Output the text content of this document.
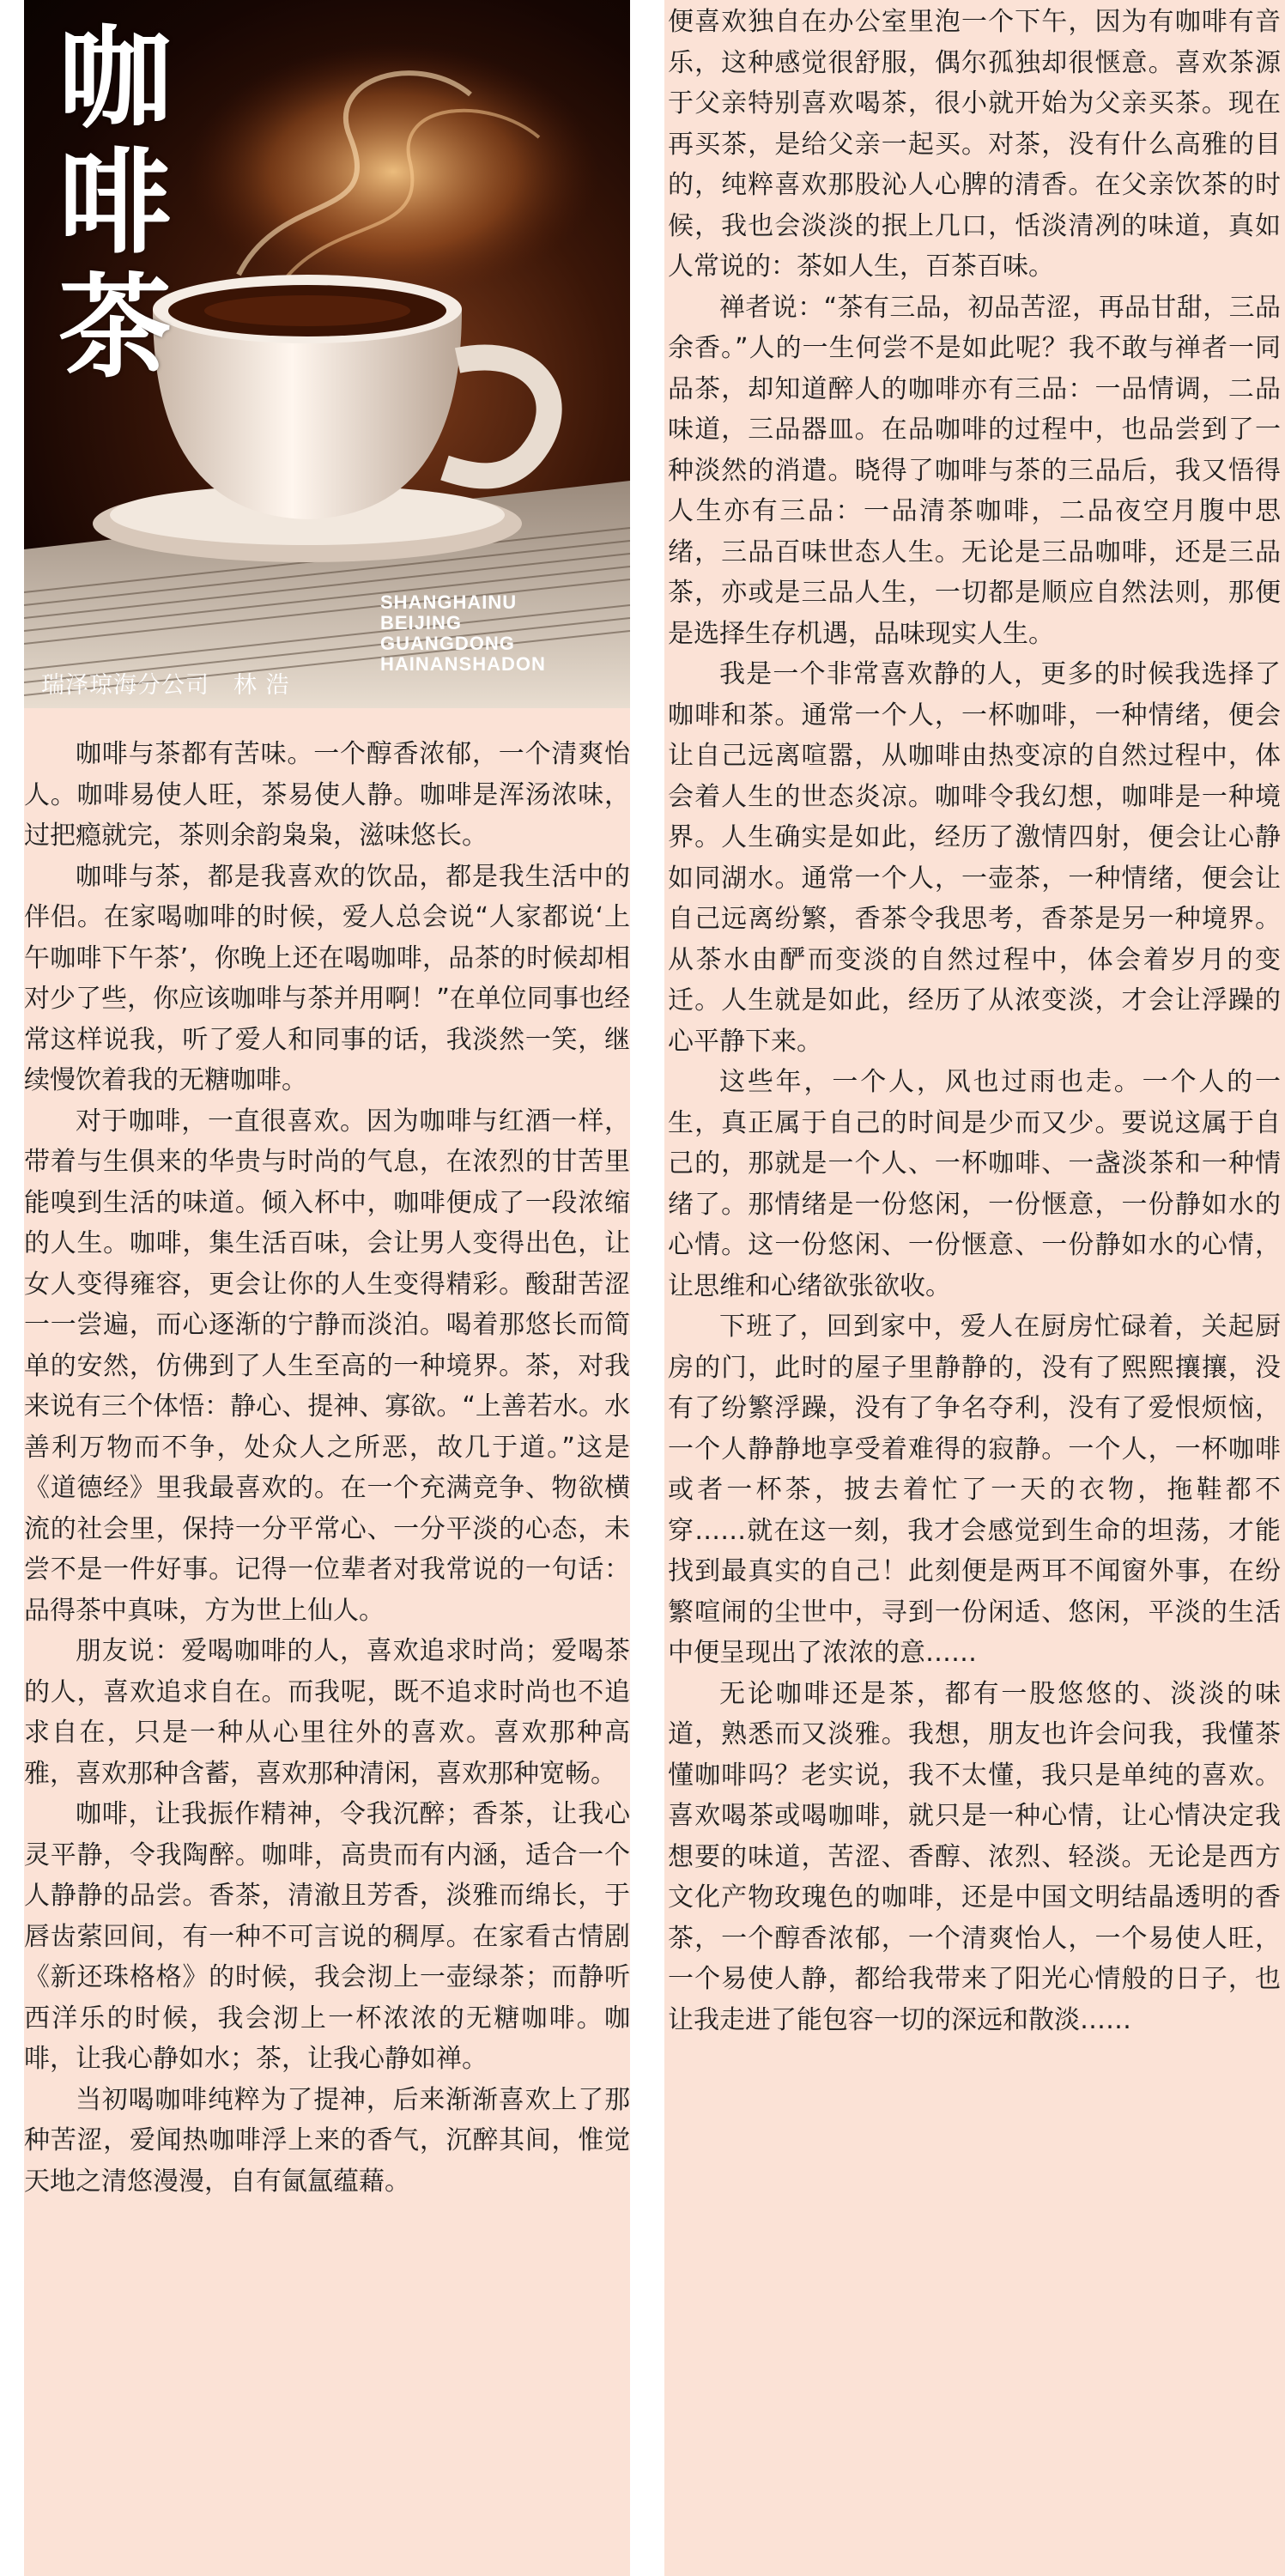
咖
啡
茶
SHANGHAINU
BEIJING
GUANGDONG
HAINANSHADON
瑞泽琼海分公司　林 浩

咖啡与茶都有苦味。一个醇香浓郁，一个清爽怡人。咖啡易使人旺，茶易使人静。咖啡是浑汤浓味，过把瘾就完，茶则余韵枭枭，滋味悠长。

咖啡与茶，都是我喜欢的饮品，都是我生活中的伴侣。在家喝咖啡的时候，爱人总会说“人家都说‘上午咖啡下午茶’，你晚上还在喝咖啡，品茶的时候却相对少了些，你应该咖啡与茶并用啊！”在单位同事也经常这样说我，听了爱人和同事的话，我淡然一笑，继续慢饮着我的无糖咖啡。

对于咖啡，一直很喜欢。因为咖啡与红酒一样，带着与生俱来的华贵与时尚的气息，在浓烈的甘苦里能嗅到生活的味道。倾入杯中，咖啡便成了一段浓缩的人生。咖啡，集生活百味，会让男人变得出色，让女人变得雍容，更会让你的人生变得精彩。酸甜苦涩一一尝遍，而心逐渐的宁静而淡泊。喝着那悠长而简单的安然，仿佛到了人生至高的一种境界。茶，对我来说有三个体悟：静心、提神、寡欲。“上善若水。水善利万物而不争，处众人之所恶，故几于道。”这是《道德经》里我最喜欢的。在一个充满竞争、物欲横流的社会里，保持一分平常心、一分平淡的心态，未尝不是一件好事。记得一位辈者对我常说的一句话：品得茶中真味，方为世上仙人。

朋友说：爱喝咖啡的人，喜欢追求时尚；爱喝茶的人，喜欢追求自在。而我呢，既不追求时尚也不追求自在，只是一种从心里往外的喜欢。喜欢那种高雅，喜欢那种含蓄，喜欢那种清闲，喜欢那种宽畅。

咖啡，让我振作精神，令我沉醉；香茶，让我心灵平静，令我陶醉。咖啡，高贵而有内涵，适合一个人静静的品尝。香茶，清澈且芳香，淡雅而绵长，于唇齿萦回间，有一种不可言说的稠厚。在家看古情剧《新还珠格格》的时候，我会沏上一壶绿茶；而静听西洋乐的时候，我会沏上一杯浓浓的无糖咖啡。咖啡，让我心静如水；茶，让我心静如禅。

当初喝咖啡纯粹为了提神，后来渐渐喜欢上了那种苦涩，爱闻热咖啡浮上来的香气，沉醉其间，惟觉天地之清悠漫漫，自有氤氲蕴藉。

便喜欢独自在办公室里泡一个下午，因为有咖啡有音乐，这种感觉很舒服，偶尔孤独却很惬意。喜欢茶源于父亲特别喜欢喝茶，很小就开始为父亲买茶。现在再买茶，是给父亲一起买。对茶，没有什么高雅的目的，纯粹喜欢那股沁人心脾的清香。在父亲饮茶的时候，我也会淡淡的抿上几口，恬淡清冽的味道，真如人常说的：茶如人生，百茶百味。

禅者说：“茶有三品，初品苦涩，再品甘甜，三品余香。”人的一生何尝不是如此呢？我不敢与禅者一同品茶，却知道醉人的咖啡亦有三品：一品情调，二品味道，三品器皿。在品咖啡的过程中，也品尝到了一种淡然的消遣。晓得了咖啡与茶的三品后，我又悟得人生亦有三品：一品清茶咖啡，二品夜空月腹中思绪，三品百味世态人生。无论是三品咖啡，还是三品茶，亦或是三品人生，一切都是顺应自然法则，那便是选择生存机遇，品味现实人生。

我是一个非常喜欢静的人，更多的时候我选择了咖啡和茶。通常一个人，一杯咖啡，一种情绪，便会让自己远离喧嚣，从咖啡由热变凉的自然过程中，体会着人生的世态炎凉。咖啡令我幻想，咖啡是一种境界。人生确实是如此，经历了激情四射，便会让心静如同湖水。通常一个人，一壶茶，一种情绪，便会让自己远离纷繁，香茶令我思考，香茶是另一种境界。从茶水由酽而变淡的自然过程中，体会着岁月的变迁。人生就是如此，经历了从浓变淡，才会让浮躁的心平静下来。

这些年，一个人，风也过雨也走。一个人的一生，真正属于自己的时间是少而又少。要说这属于自己的，那就是一个人、一杯咖啡、一盏淡茶和一种情绪了。那情绪是一份悠闲，一份惬意，一份静如水的心情。这一份悠闲、一份惬意、一份静如水的心情，让思维和心绪欲张欲收。

下班了，回到家中，爱人在厨房忙碌着，关起厨房的门，此时的屋子里静静的，没有了熙熙攘攘，没有了纷繁浮躁，没有了争名夺利，没有了爱恨烦恼，一个人静静地享受着难得的寂静。一个人，一杯咖啡或者一杯茶，披去着忙了一天的衣物，拖鞋都不穿……就在这一刻，我才会感觉到生命的坦荡，才能找到最真实的自己！此刻便是两耳不闻窗外事，在纷繁喧闹的尘世中，寻到一份闲适、悠闲，平淡的生活中便呈现出了浓浓的意……

无论咖啡还是茶，都有一股悠悠的、淡淡的味道，熟悉而又淡雅。我想，朋友也许会问我，我懂茶懂咖啡吗？老实说，我不太懂，我只是单纯的喜欢。喜欢喝茶或喝咖啡，就只是一种心情，让心情决定我想要的味道，苦涩、香醇、浓烈、轻淡。无论是西方文化产物玫瑰色的咖啡，还是中国文明结晶透明的香茶，一个醇香浓郁，一个清爽怡人，一个易使人旺，一个易使人静，都给我带来了阳光心情般的日子，也让我走进了能包容一切的深远和散淡……
